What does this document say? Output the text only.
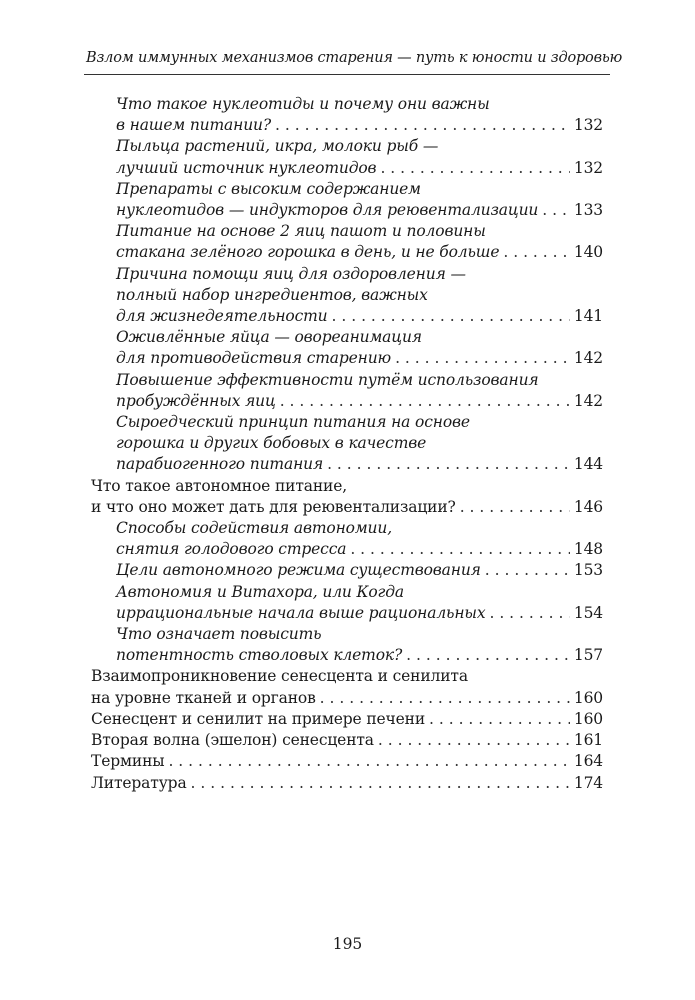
Взлом иммунных механизмов старения — путь к юности и здоровью
Что такое нуклеотиды и почему они важны
в нашем питании? . . .	132
Пыльца растений, икра, молоки рыб —
лучший источник нуклеотидов . . .	132
Препараты с высоким содержанием
нуклеотидов — индукторов для реювентализации . . . 133
Питание на основе 2 яиц пашот и половины
стакана зелёного горошка в день, и не больше . . .	140
Причина помощи яиц для оздоровления —
полный набор ингредиентов, важных
для жизнедеятельности . . .	141
Оживлённые яйца — овореанимация
для противодействия старению . . .	142
Повышение эффективности путём использования
пробуждённых яиц . . .	142
Сыроедческий принцип питания на основе
горошка и других бобовых в качестве
парабиогенного питания . . .	144
Что такое автономное питание,
и что оно может дать для реювентализации? . . .	146
Способы содействия автономии,
снятия голодового стресса . . .	148
Цели автономного режима существования . . .	153
Автономия и Витахора, или Когда
иррациональные начала выше рациональных . . .	154
Что означает повысить
потентность стволовых клеток? . . .	157
Взаимопроникновение сенесцента и сенилита
на уровне тканей и органов . . .	160
Сенесцент и сенилит на примере печени . . .	160
Вторая волна (эшелон) сенесцента . . .	161
Термины . . .	164
Литература . . .	174
195
